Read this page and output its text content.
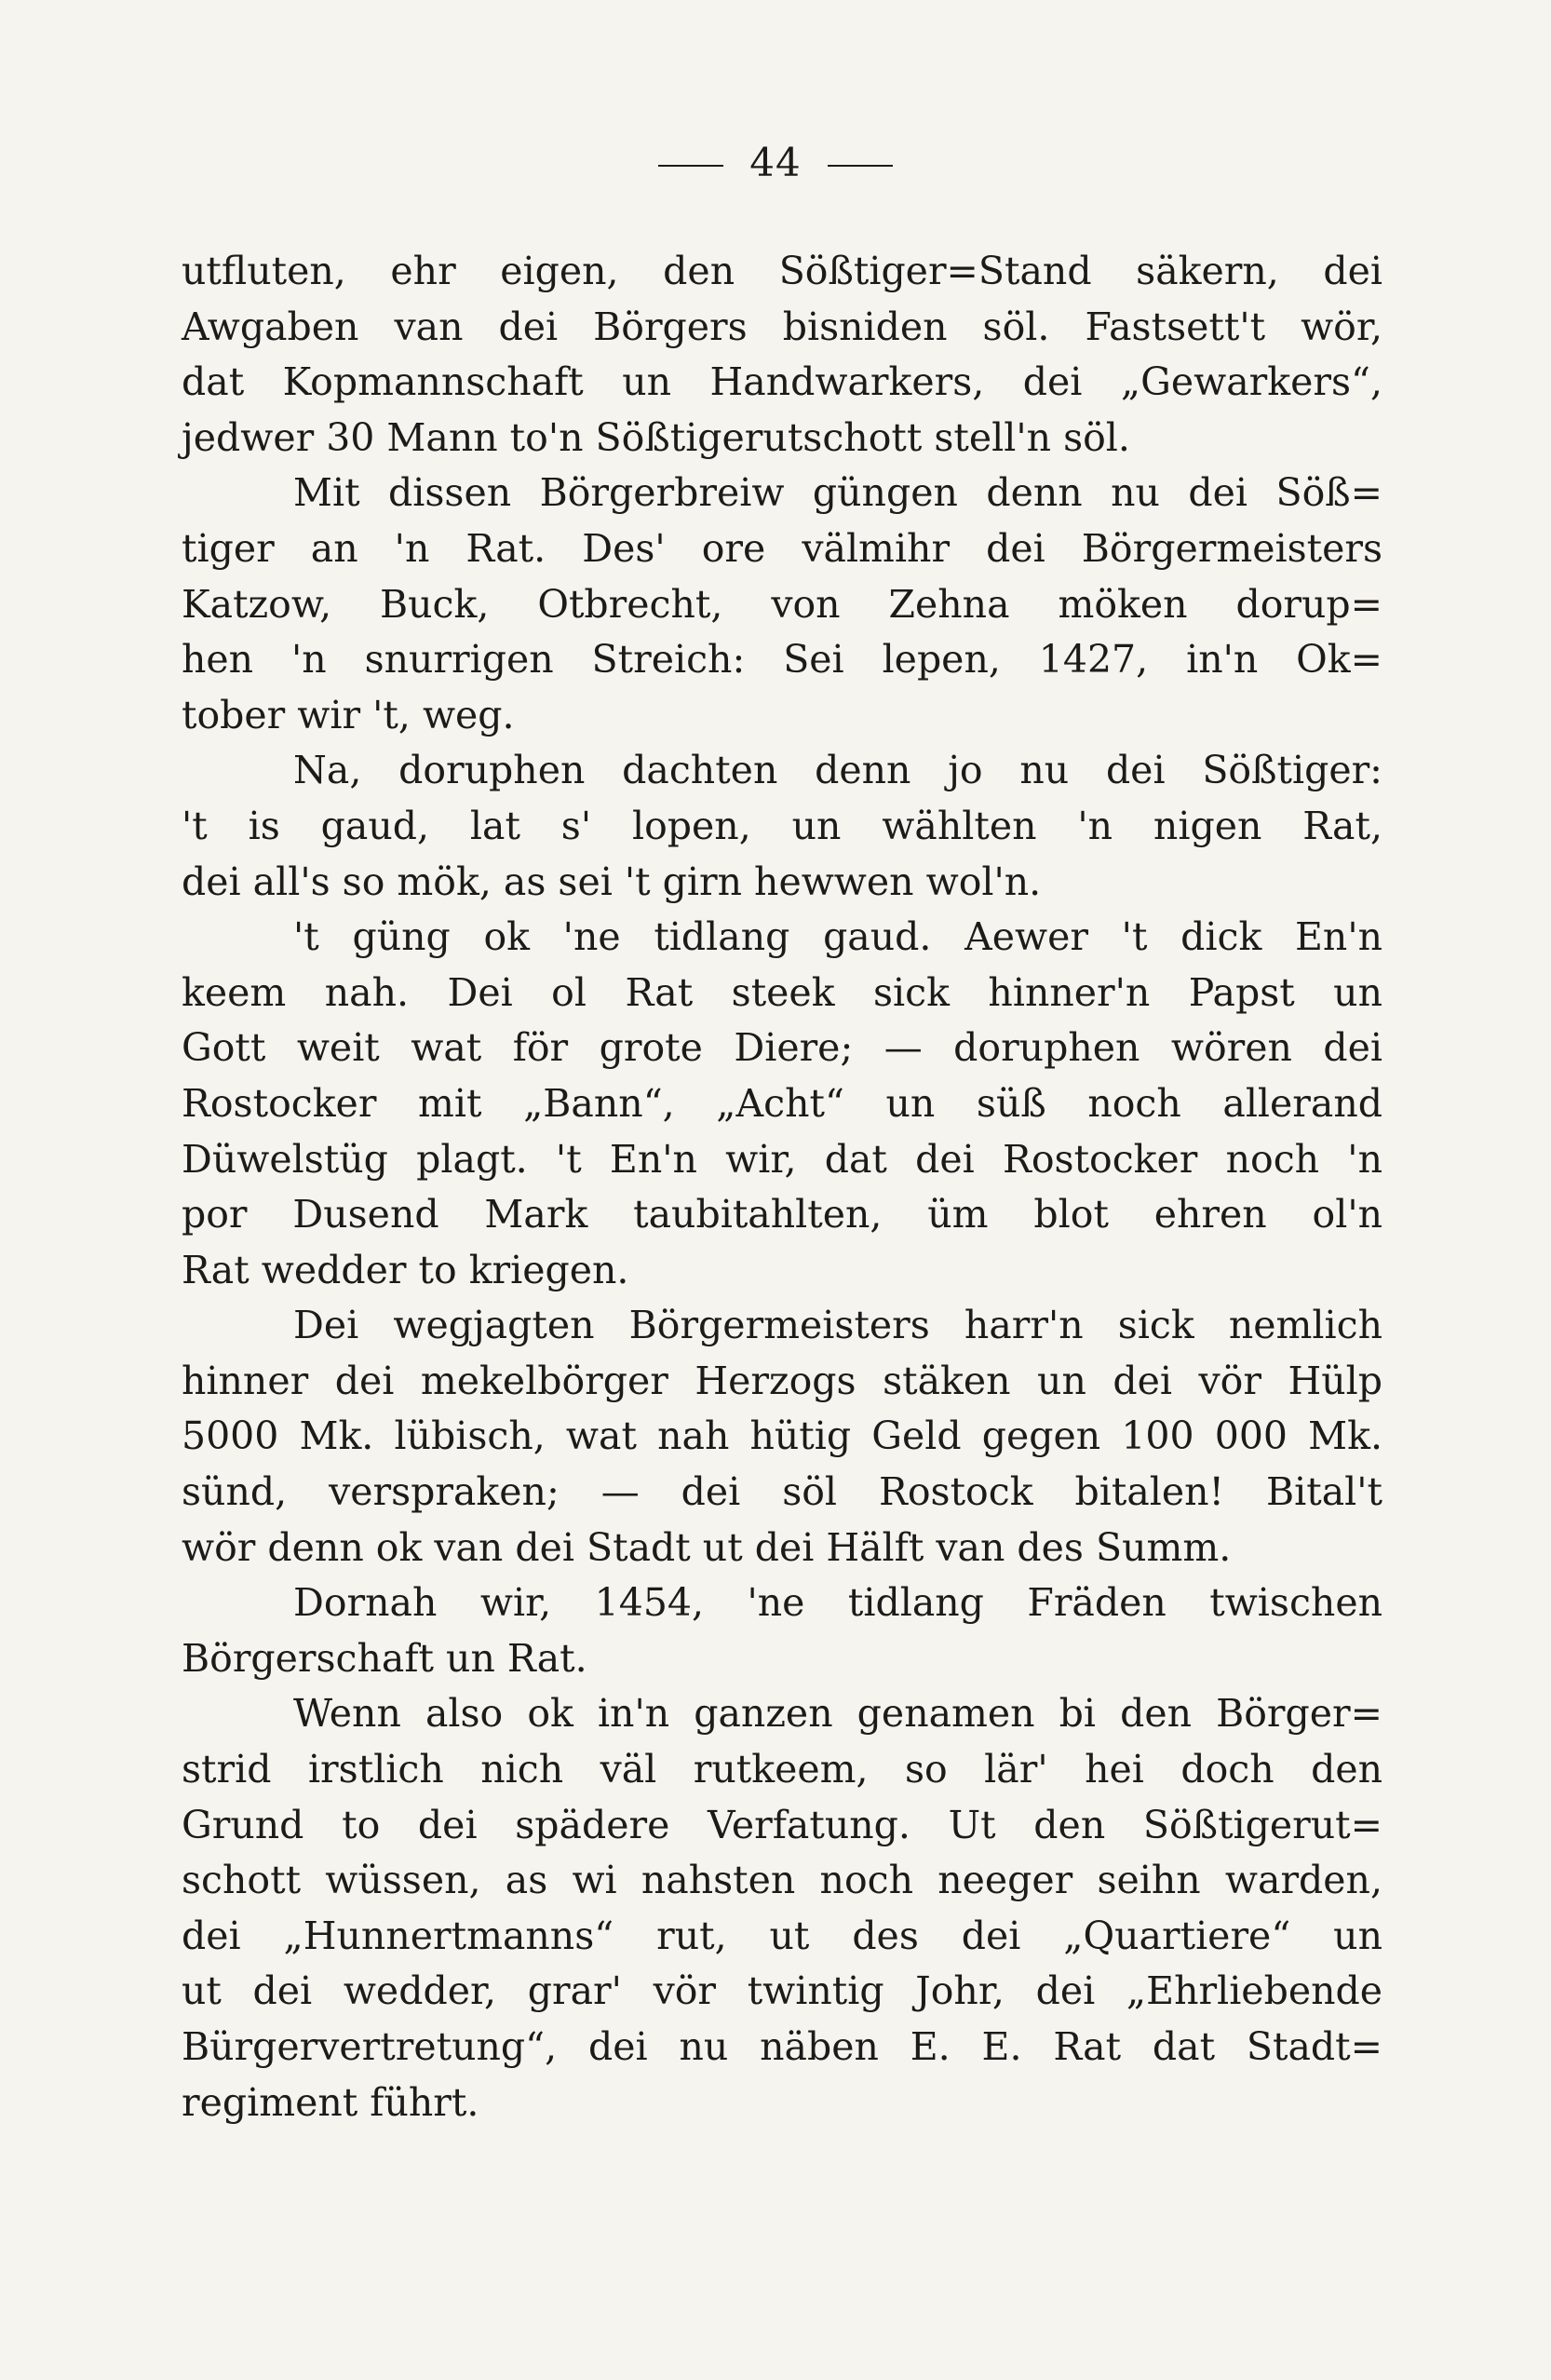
44
utfluten, ehr eigen, den Sößtiger=Stand säkern, dei
Awgaben van dei Börgers bisniden söl. Fastsett't wör,
dat Kopmannschaft un Handwarkers, dei „Gewarkers“,
jedwer 30 Mann to'n Sößtigerutschott stell'n söl.
Mit dissen Börgerbreiw güngen denn nu dei Söß=
tiger an 'n Rat. Des' ore välmihr dei Börgermeisters
Katzow, Buck, Otbrecht, von Zehna möken dorup=
hen 'n snurrigen Streich: Sei lepen, 1427, in'n Ok=
tober wir 't, weg.
Na, doruphen dachten denn jo nu dei Sößtiger:
't is gaud, lat s' lopen, un wählten 'n nigen Rat,
dei all's so mök, as sei 't girn hewwen wol'n.
't güng ok 'ne tidlang gaud. Aewer 't dick En'n
keem nah. Dei ol Rat steek sick hinner'n Papst un
Gott weit wat för grote Diere; — doruphen wören dei
Rostocker mit „Bann“, „Acht“ un süß noch allerand
Düwelstüg plagt. 't En'n wir, dat dei Rostocker noch 'n
por Dusend Mark taubitahlten, üm blot ehren ol'n
Rat wedder to kriegen.
Dei wegjagten Börgermeisters harr'n sick nemlich
hinner dei mekelbörger Herzogs stäken un dei vör Hülp
5000 Mk. lübisch, wat nah hütig Geld gegen 100 000 Mk.
sünd, verspraken; — dei söl Rostock bitalen! Bital't
wör denn ok van dei Stadt ut dei Hälft van des Summ.
Dornah wir, 1454, 'ne tidlang Fräden twischen
Börgerschaft un Rat.
Wenn also ok in'n ganzen genamen bi den Börger=
strid irstlich nich väl rutkeem, so lär' hei doch den
Grund to dei spädere Verfatung. Ut den Sößtigerut=
schott wüssen, as wi nahsten noch neeger seihn warden,
dei „Hunnertmanns“ rut, ut des dei „Quartiere“ un
ut dei wedder, grar' vör twintig Johr, dei „Ehrliebende
Bürgervertretung“, dei nu näben E. E. Rat dat Stadt=
regiment führt.
